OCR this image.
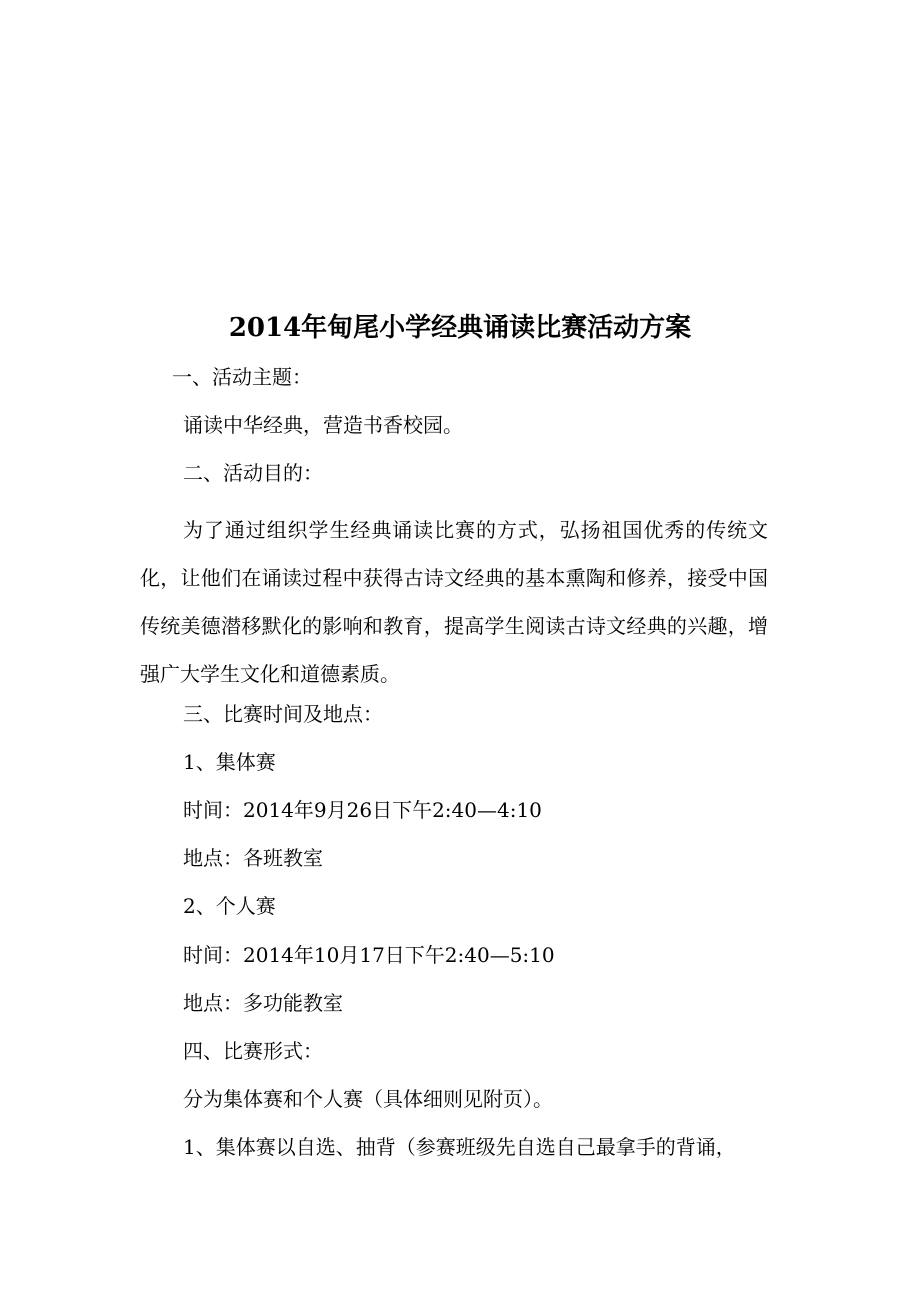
2014年甸尾小学经典诵读比赛活动方案
一、活动主题：
诵读中华经典，营造书香校园。
二、活动目的：
为了通过组织学生经典诵读比赛的方式，弘扬祖国优秀的传统文化，让他们在诵读过程中获得古诗文经典的基本熏陶和修养，接受中国传统美德潜移默化的影响和教育，提高学生阅读古诗文经典的兴趣，增强广大学生文化和道德素质。
三、比赛时间及地点：
1、集体赛
时间：2014年9月26日下午2:40—4:10
地点：各班教室
2、个人赛
时间：2014年10月17日下午2:40—5:10
地点：多功能教室
四、比赛形式：
分为集体赛和个人赛（具体细则见附页）。
1、集体赛以自选、抽背（参赛班级先自选自己最拿手的背诵，
